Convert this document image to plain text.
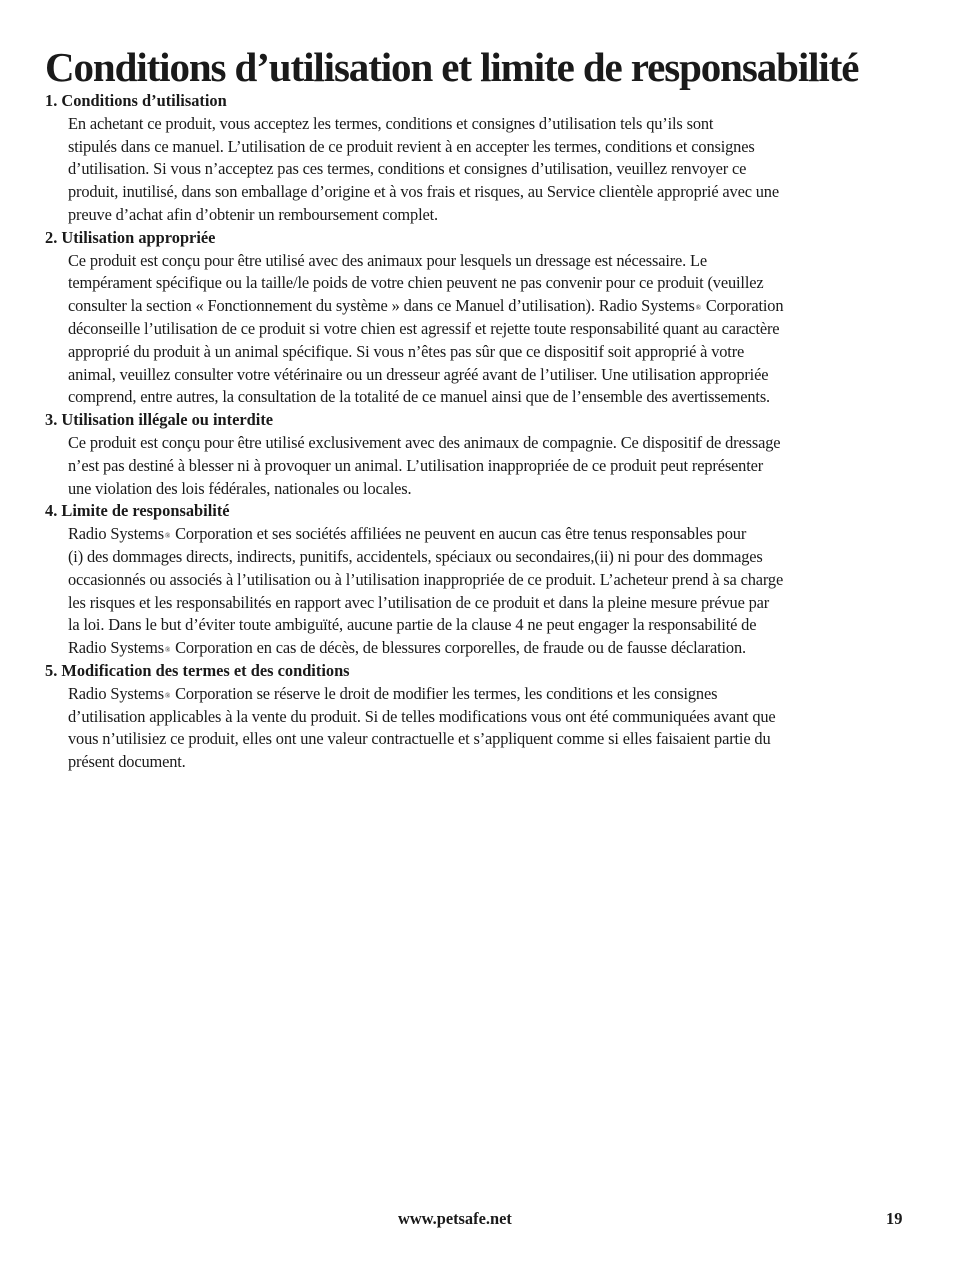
Conditions d’utilisation et limite de responsabilité
1. Conditions d’utilisation
En achetant ce produit, vous acceptez les termes, conditions et consignes d’utilisation tels qu’ils sont
stipulés dans ce manuel. L’utilisation de ce produit revient à en accepter les termes, conditions et consignes
d’utilisation. Si vous n’acceptez pas ces termes, conditions et consignes d’utilisation, veuillez renvoyer ce
produit, inutilisé, dans son emballage d’origine et à vos frais et risques, au Service clientèle approprié avec une
preuve d’achat afin d’obtenir un remboursement complet.
2. Utilisation appropriée
Ce produit est conçu pour être utilisé avec des animaux pour lesquels un dressage est nécessaire. Le
tempérament spécifique ou la taille/le poids de votre chien peuvent ne pas convenir pour ce produit (veuillez
consulter la section « Fonctionnement du système » dans ce Manuel d’utilisation). Radio Systems® Corporation
déconseille l’utilisation de ce produit si votre chien est agressif et rejette toute responsabilité quant au caractère
approprié du produit à un animal spécifique. Si vous n’êtes pas sûr que ce dispositif soit approprié à votre
animal, veuillez consulter votre vétérinaire ou un dresseur agréé avant de l’utiliser. Une utilisation appropriée
comprend, entre autres, la consultation de la totalité de ce manuel ainsi que de l’ensemble des avertissements.
3. Utilisation illégale ou interdite
Ce produit est conçu pour être utilisé exclusivement avec des animaux de compagnie. Ce dispositif de dressage
n’est pas destiné à blesser ni à provoquer un animal. L’utilisation inappropriée de ce produit peut représenter
une violation des lois fédérales, nationales ou locales.
4. Limite de responsabilité
Radio Systems® Corporation et ses sociétés affiliées ne peuvent en aucun cas être tenus responsables pour
(i) des dommages directs, indirects, punitifs, accidentels, spéciaux ou secondaires,(ii) ni pour des dommages
occasionnés ou associés à l’utilisation ou à l’utilisation inappropriée de ce produit. L’acheteur prend à sa charge
les risques et les responsabilités en rapport avec l’utilisation de ce produit et dans la pleine mesure prévue par
la loi. Dans le but d’éviter toute ambiguïté, aucune partie de la clause 4 ne peut engager la responsabilité de
Radio Systems® Corporation en cas de décès, de blessures corporelles, de fraude ou de fausse déclaration.
5. Modification des termes et des conditions
Radio Systems® Corporation se réserve le droit de modifier les termes, les conditions et les consignes
d’utilisation applicables à la vente du produit. Si de telles modifications vous ont été communiquées avant que
vous n’utilisiez ce produit, elles ont une valeur contractuelle et s’appliquent comme si elles faisaient partie du
présent document.
www.petsafe.net	19
